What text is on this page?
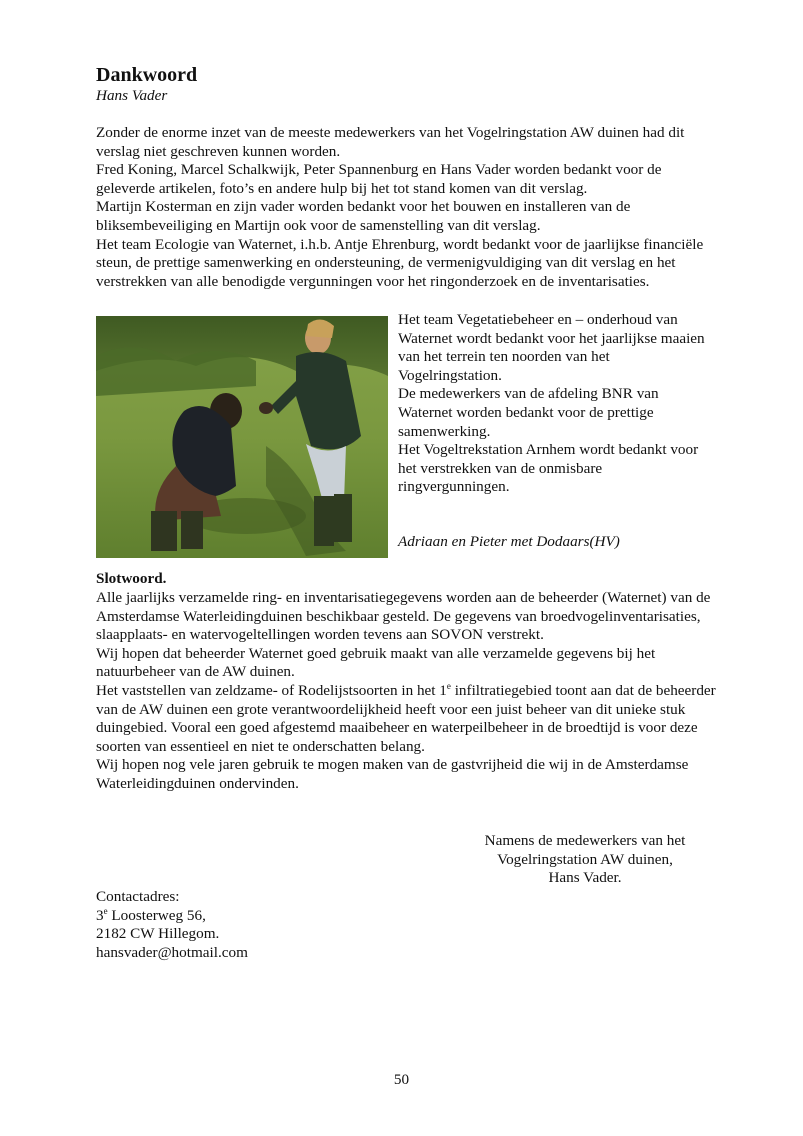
Dankwoord
Hans Vader

Zonder de enorme inzet van de meeste medewerkers van het Vogelringstation AW duinen had dit verslag niet geschreven kunnen worden.

Fred Koning, Marcel Schalkwijk, Peter Spannenburg en Hans Vader worden bedankt voor de geleverde artikelen, foto’s en andere hulp bij het tot stand komen van dit verslag.

Martijn Kosterman en zijn vader worden bedankt voor het bouwen en installeren van de bliksembeveiliging en Martijn ook voor de samenstelling van dit verslag.

Het team Ecologie van Waternet, i.h.b. Antje Ehrenburg, wordt bedankt voor de jaarlijkse financiële steun, de prettige samenwerking en ondersteuning, de vermenigvuldiging van dit verslag en het verstrekken van alle benodigde vergunningen voor het ringonderzoek en de inventarisaties.

Het team Vegetatiebeheer en – onderhoud van Waternet wordt bedankt voor het jaarlijkse maaien van het terrein ten noorden van het Vogelringstation.

De medewerkers van de afdeling BNR van Waternet worden bedankt voor de prettige samenwerking.

Het Vogeltrekstation Arnhem wordt bedankt voor het verstrekken van de onmisbare ringvergunningen.

Adriaan en Pieter met Dodaars(HV)
Slotwoord.

Alle jaarlijks verzamelde ring- en inventarisatiegegevens worden aan de beheerder (Waternet) van de Amsterdamse Waterleidingduinen beschikbaar gesteld. De gegevens van broedvogelinventarisaties, slaapplaats- en watervogeltellingen worden tevens aan SOVON verstrekt.

Wij hopen dat beheerder Waternet goed gebruik maakt van alle verzamelde gegevens bij het natuurbeheer van de AW duinen.

Het vaststellen van zeldzame- of Rodelijstsoorten in het 1e infiltratiegebied toont aan dat de beheerder van de AW duinen een grote verantwoordelijkheid heeft voor een juist beheer van dit unieke stuk duingebied. Vooral een goed afgestemd maaibeheer en waterpeilbeheer in de broedtijd is voor deze soorten van essentieel en niet te onderschatten belang.

Wij hopen nog vele jaren gebruik te mogen maken van de gastvrijheid die wij in de Amsterdamse Waterleidingduinen ondervinden.

Namens de medewerkers van het
Vogelringstation AW duinen,
Hans Vader.
Contactadres:
3e Loosterweg 56,
2182 CW Hillegom.
hansvader@hotmail.com
50
